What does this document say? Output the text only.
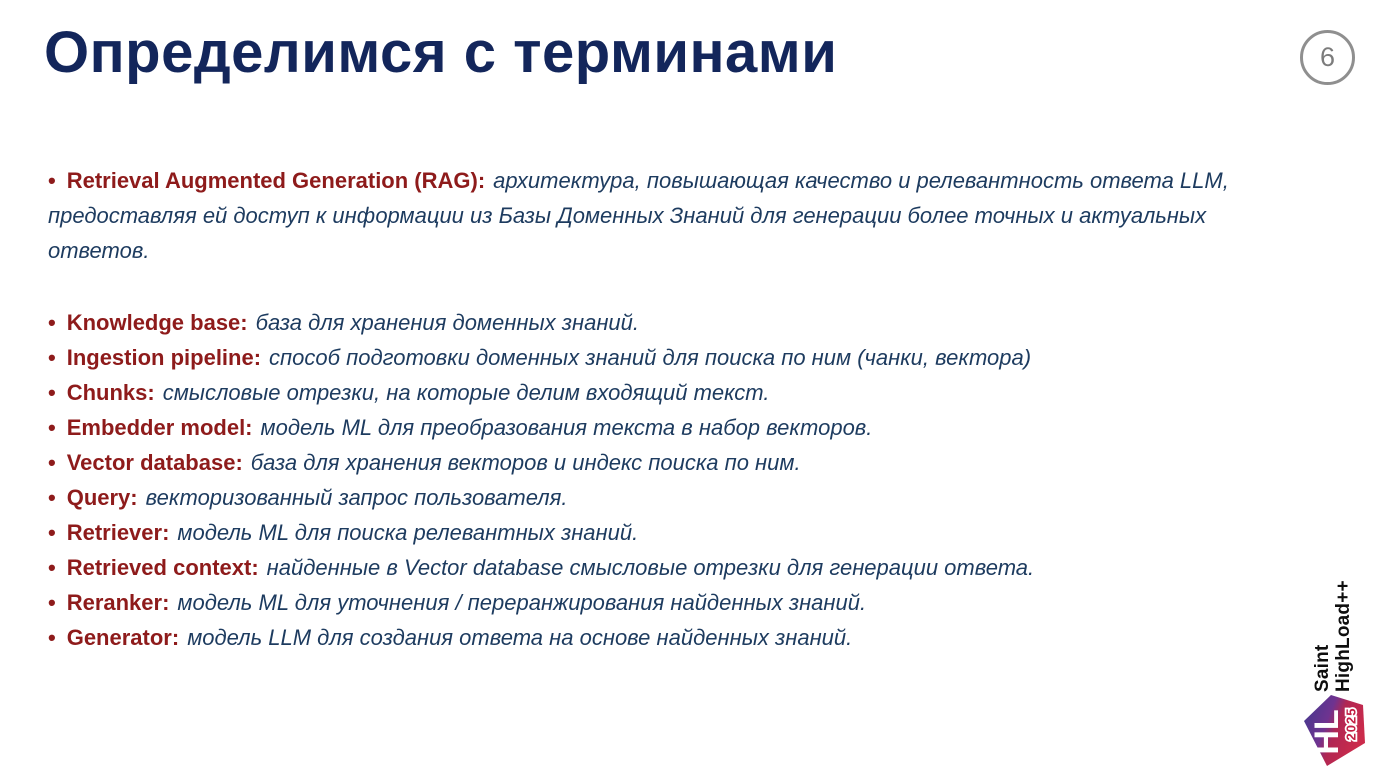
Определимся с терминами	6

• Retrieval Augmented Generation (RAG): архитектура, повышающая качество и релевантность ответа LLM, предоставляя ей доступ к информации из Базы Доменных Знаний для генерации более точных и актуальных ответов.

• Knowledge base: база для хранения доменных знаний.
• Ingestion pipeline: способ подготовки доменных знаний для поиска по ним (чанки, вектора)
• Chunks: смысловые отрезки, на которые делим входящий текст.
• Embedder model: модель ML для преобразования текста в набор векторов.
• Vector database: база для хранения векторов и индекс поиска по ним.
• Query: векторизованный запрос пользователя.
• Retriever: модель ML для поиска релевантных знаний.
• Retrieved context: найденные в Vector database смысловые отрезки для генерации ответа.
• Reranker: модель ML для уточнения / переранжирования найденных знаний.
• Generator: модель LLM для создания ответа на основе найденных знаний.
Saint HighLoad++
HL
2025
